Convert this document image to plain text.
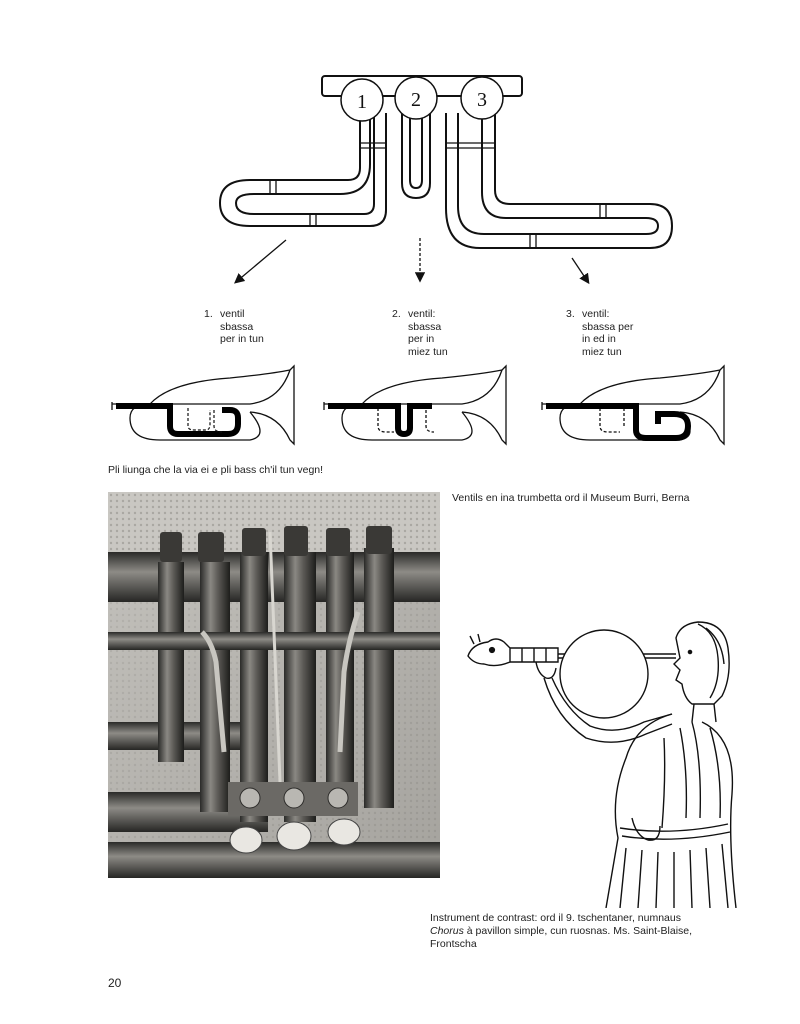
1 2	3
1. ventil
sbassa
per in tun
2. ventil:
sbassa
per in
miez tun
3. ventil:
sbassa per
in ed in
miez tun
Pli liunga che la via ei e pli bass ch'il tun vegn!
Ventils en ina trumbetta ord il Museum Burri, Berna
Instrument de contrast: ord il 9. tschentaner, numnaus
Chorus à pavillon simple, cun ruosnas. Ms. Saint-Blaise,
Frontscha
20
